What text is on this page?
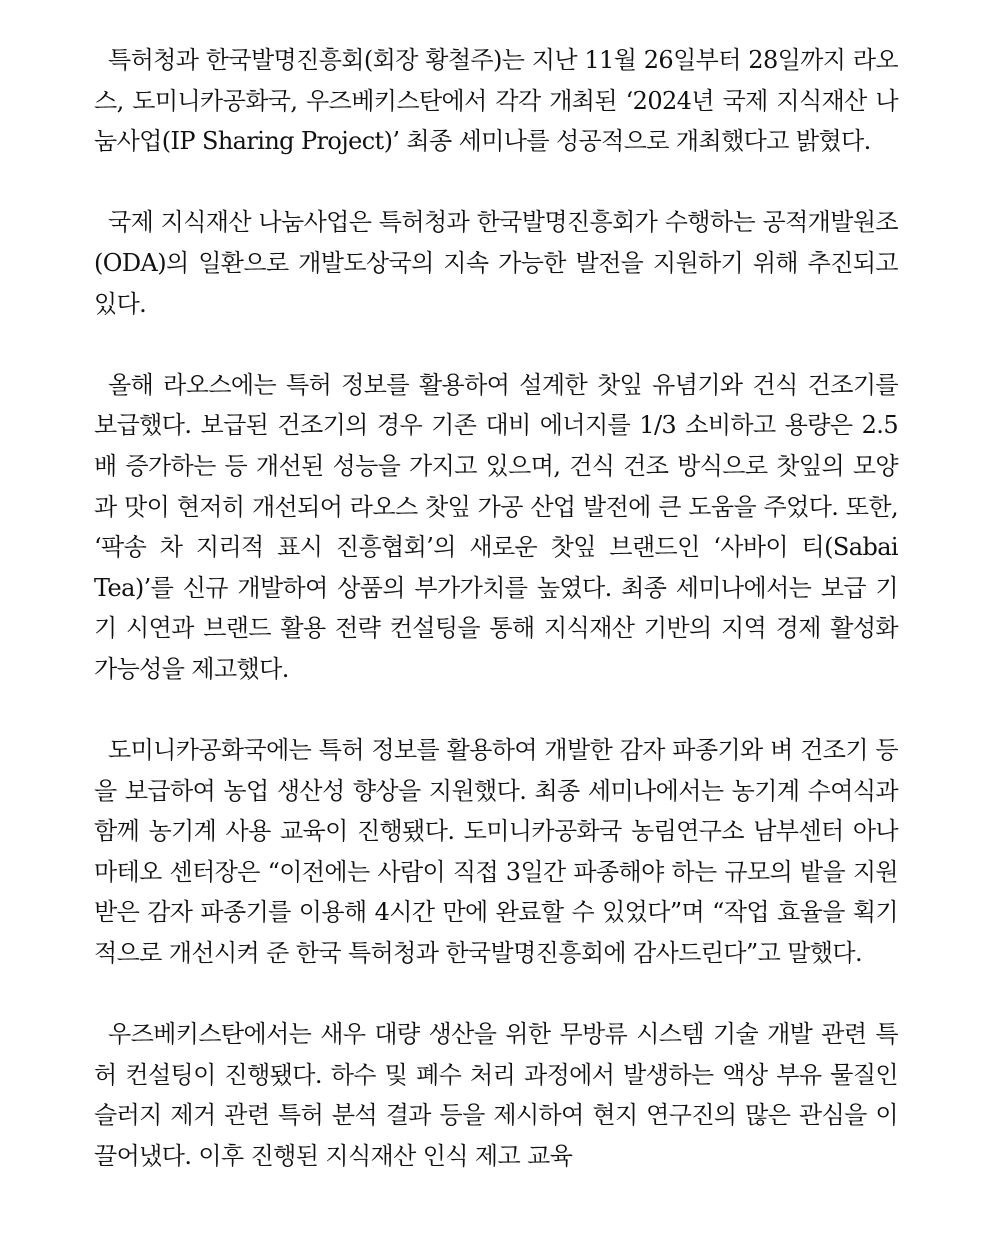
특허청과 한국발명진흥회(회장 황철주)는 지난 11월 26일부터 28일까지 라오스, 도미니카공화국, 우즈베키스탄에서 각각 개최된 ‘2024년 국제 지식재산 나눔사업(IP Sharing Project)’ 최종 세미나를 성공적으로 개최했다고 밝혔다.

국제 지식재산 나눔사업은 특허청과 한국발명진흥회가 수행하는 공적개발원조(ODA)의 일환으로 개발도상국의 지속 가능한 발전을 지원하기 위해 추진되고 있다.

올해 라오스에는 특허 정보를 활용하여 설계한 찻잎 유념기와 건식 건조기를 보급했다. 보급된 건조기의 경우 기존 대비 에너지를 1/3 소비하고 용량은 2.5배 증가하는 등 개선된 성능을 가지고 있으며, 건식 건조 방식으로 찻잎의 모양과 맛이 현저히 개선되어 라오스 찻잎 가공 산업 발전에 큰 도움을 주었다. 또한, ‘팍송 차 지리적 표시 진흥협회’의 새로운 찻잎 브랜드인 ‘사바이 티(Sabai Tea)’를 신규 개발하여 상품의 부가가치를 높였다. 최종 세미나에서는 보급 기기 시연과 브랜드 활용 전략 컨설팅을 통해 지식재산 기반의 지역 경제 활성화 가능성을 제고했다.

도미니카공화국에는 특허 정보를 활용하여 개발한 감자 파종기와 벼 건조기 등을 보급하여 농업 생산성 향상을 지원했다. 최종 세미나에서는 농기계 수여식과 함께 농기계 사용 교육이 진행됐다. 도미니카공화국 농림연구소 남부센터 아나 마테오 센터장은 “이전에는 사람이 직접 3일간 파종해야 하는 규모의 밭을 지원받은 감자 파종기를 이용해 4시간 만에 완료할 수 있었다”며 “작업 효율을 획기적으로 개선시켜 준 한국 특허청과 한국발명진흥회에 감사드린다”고 말했다.

우즈베키스탄에서는 새우 대량 생산을 위한 무방류 시스템 기술 개발 관련 특허 컨설팅이 진행됐다. 하수 및 폐수 처리 과정에서 발생하는 액상 부유 물질인 슬러지 제거 관련 특허 분석 결과 등을 제시하여 현지 연구진의 많은 관심을 이끌어냈다. 이후 진행된 지식재산 인식 제고 교육
